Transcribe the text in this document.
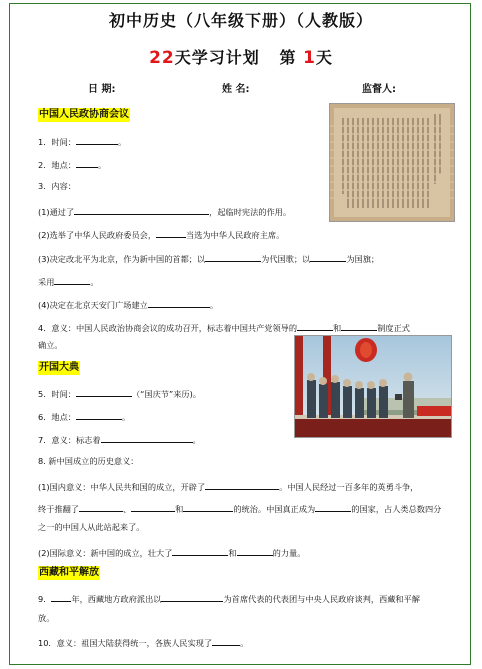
初中历史（八年级下册）（人教版）
22天学习计划 第 1天
日 期:	姓 名:	监督人:
中国人民政协商会议
1．时间：	。
2．地点：	。
3．内容：
(1)通过了	，起临时宪法的作用。
(2)选举了中华人民政府委员会，	当选为中华人民政府主席。
(3)决定改北平为北京，作为新中国的首都；以	为代国歌；以	为国旗；
采用	。
(4)决定在北京天安门广场建立	。
4．意义：中国人民政治协商会议的成功召开，标志着中国共产党领导的	和	制度正式
确立。
开国大典
5．时间：	（“国庆节”来历)。
6．地点：	。
7．意义：标志着	。
8. 新中国成立的历史意义：
(1)国内意义：中华人民共和国的成立，开辟了	。中国人民经过一百多年的英勇斗争，
终于推翻了	、	和	的统治。中国真正成为	的国家，占人类总数四分
之一的中国人从此站起来了。
(2)国际意义：新中国的成立，壮大了	和	的力量。
西藏和平解放
9． 年，西藏地方政府派出以	为首席代表的代表团与中央人民政府谈判，西藏和平解
放。
10．意义：祖国大陆获得统一，各族人民实现了	。
